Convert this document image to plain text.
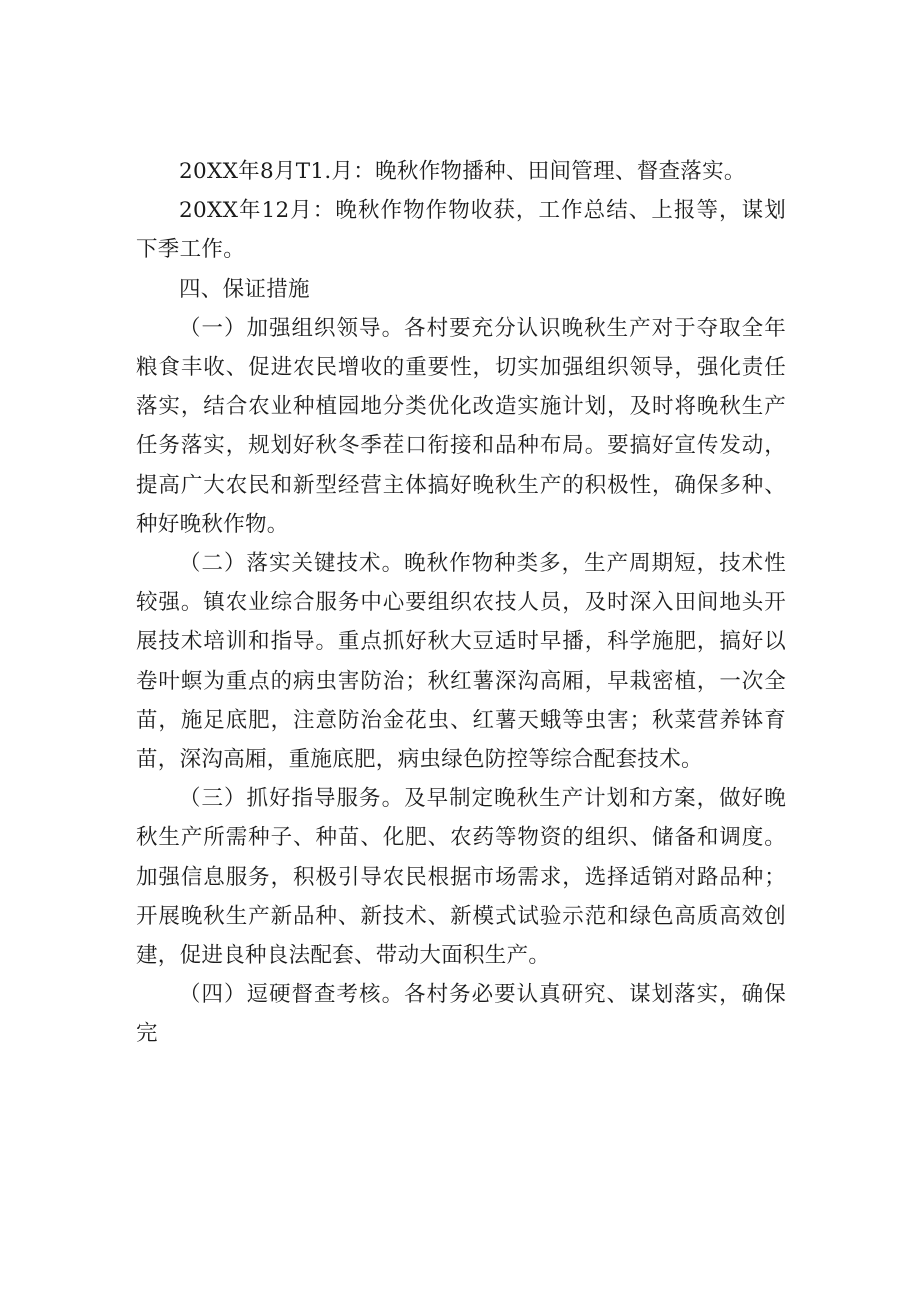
20XX年8月T1.月：晚秋作物播种、田间管理、督查落实。

20XX年12月：晚秋作物作物收获，工作总结、上报等，谋划下季工作。

四、保证措施

（一）加强组织领导。各村要充分认识晚秋生产对于夺取全年粮食丰收、促进农民增收的重要性，切实加强组织领导，强化责任落实，结合农业种植园地分类优化改造实施计划，及时将晚秋生产任务落实，规划好秋冬季茬口衔接和品种布局。要搞好宣传发动，提高广大农民和新型经营主体搞好晚秋生产的积极性，确保多种、种好晚秋作物。

（二）落实关键技术。晚秋作物种类多，生产周期短，技术性较强。镇农业综合服务中心要组织农技人员，及时深入田间地头开展技术培训和指导。重点抓好秋大豆适时早播，科学施肥，搞好以卷叶螟为重点的病虫害防治；秋红薯深沟高厢，早栽密植，一次全苗，施足底肥，注意防治金花虫、红薯天蛾等虫害；秋菜营养钵育苗，深沟高厢，重施底肥，病虫绿色防控等综合配套技术。

（三）抓好指导服务。及早制定晚秋生产计划和方案，做好晚秋生产所需种子、种苗、化肥、农药等物资的组织、储备和调度。加强信息服务，积极引导农民根据市场需求，选择适销对路品种；开展晚秋生产新品种、新技术、新模式试验示范和绿色高质高效创建，促进良种良法配套、带动大面积生产。

（四）逗硬督查考核。各村务必要认真研究、谋划落实，确保完
